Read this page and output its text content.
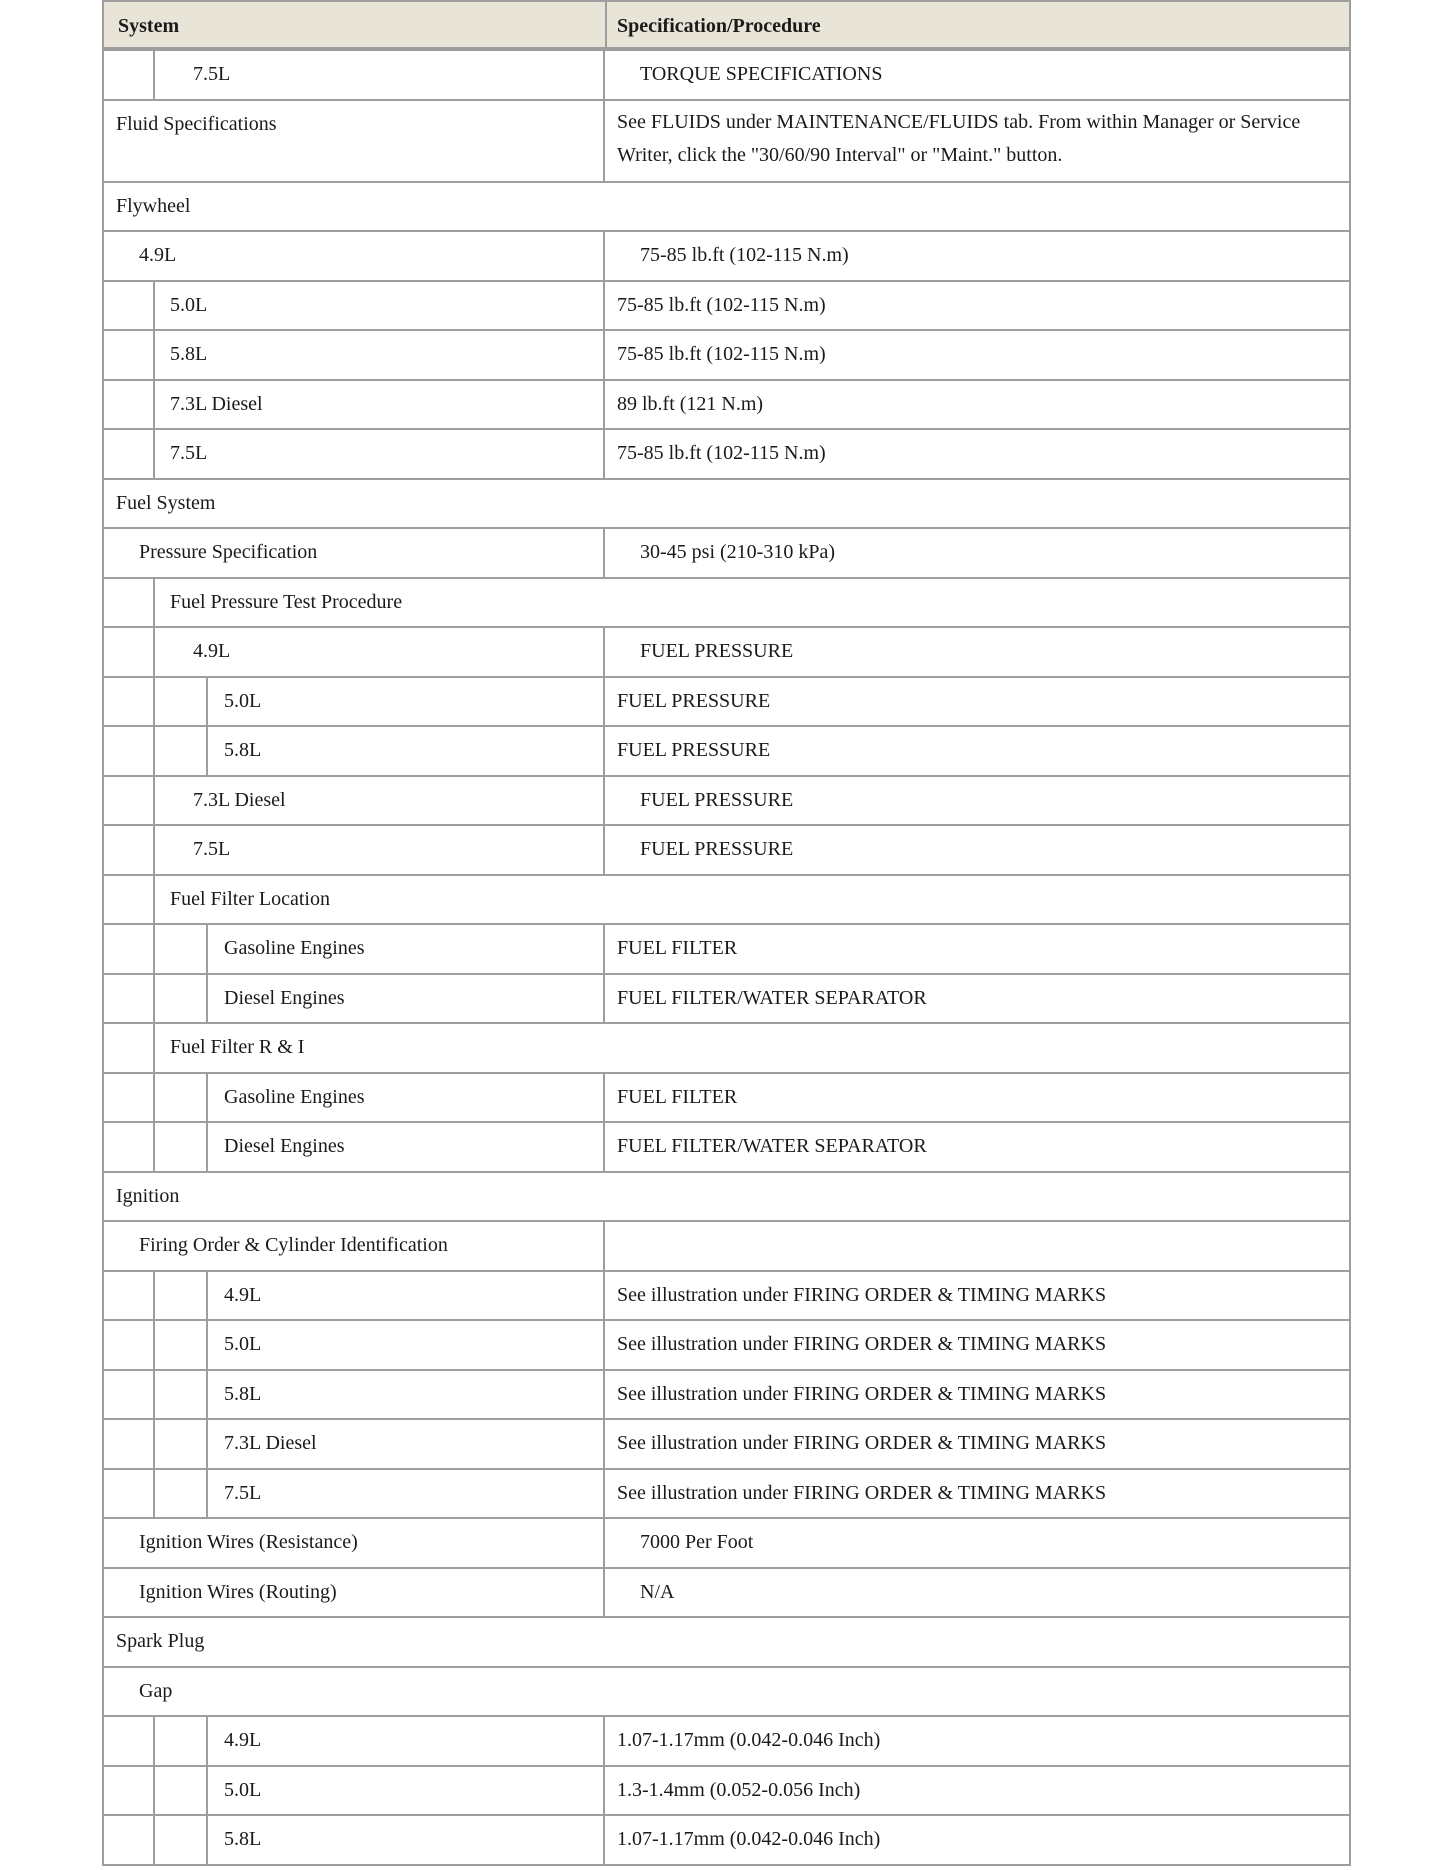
System	Specification/Procedure
7.5L	TORQUE SPECIFICATIONS
Fluid Specifications	See FLUIDS under MAINTENANCE/FLUIDS tab. From within Manager or Service Writer, click the "30/60/90 Interval" or "Maint." button.
Flywheel
4.9L	75-85 lb.ft (102-115 N.m)
5.0L	75-85 lb.ft (102-115 N.m)
5.8L	75-85 lb.ft (102-115 N.m)
7.3L Diesel	89 lb.ft (121 N.m)
7.5L	75-85 lb.ft (102-115 N.m)
Fuel System
Pressure Specification	30-45 psi (210-310 kPa)
Fuel Pressure Test Procedure
4.9L	FUEL PRESSURE
5.0L	FUEL PRESSURE
5.8L	FUEL PRESSURE
7.3L Diesel	FUEL PRESSURE
7.5L	FUEL PRESSURE
Fuel Filter Location
Gasoline Engines	FUEL FILTER
Diesel Engines	FUEL FILTER/WATER SEPARATOR
Fuel Filter R & I
Gasoline Engines	FUEL FILTER
Diesel Engines	FUEL FILTER/WATER SEPARATOR
Ignition
Firing Order & Cylinder Identification
4.9L	See illustration under FIRING ORDER & TIMING MARKS
5.0L	See illustration under FIRING ORDER & TIMING MARKS
5.8L	See illustration under FIRING ORDER & TIMING MARKS
7.3L Diesel	See illustration under FIRING ORDER & TIMING MARKS
7.5L	See illustration under FIRING ORDER & TIMING MARKS
Ignition Wires (Resistance)	7000 Per Foot
Ignition Wires (Routing)	N/A
Spark Plug
Gap
4.9L	1.07-1.17mm (0.042-0.046 Inch)
5.0L	1.3-1.4mm (0.052-0.056 Inch)
5.8L	1.07-1.17mm (0.042-0.046 Inch)
